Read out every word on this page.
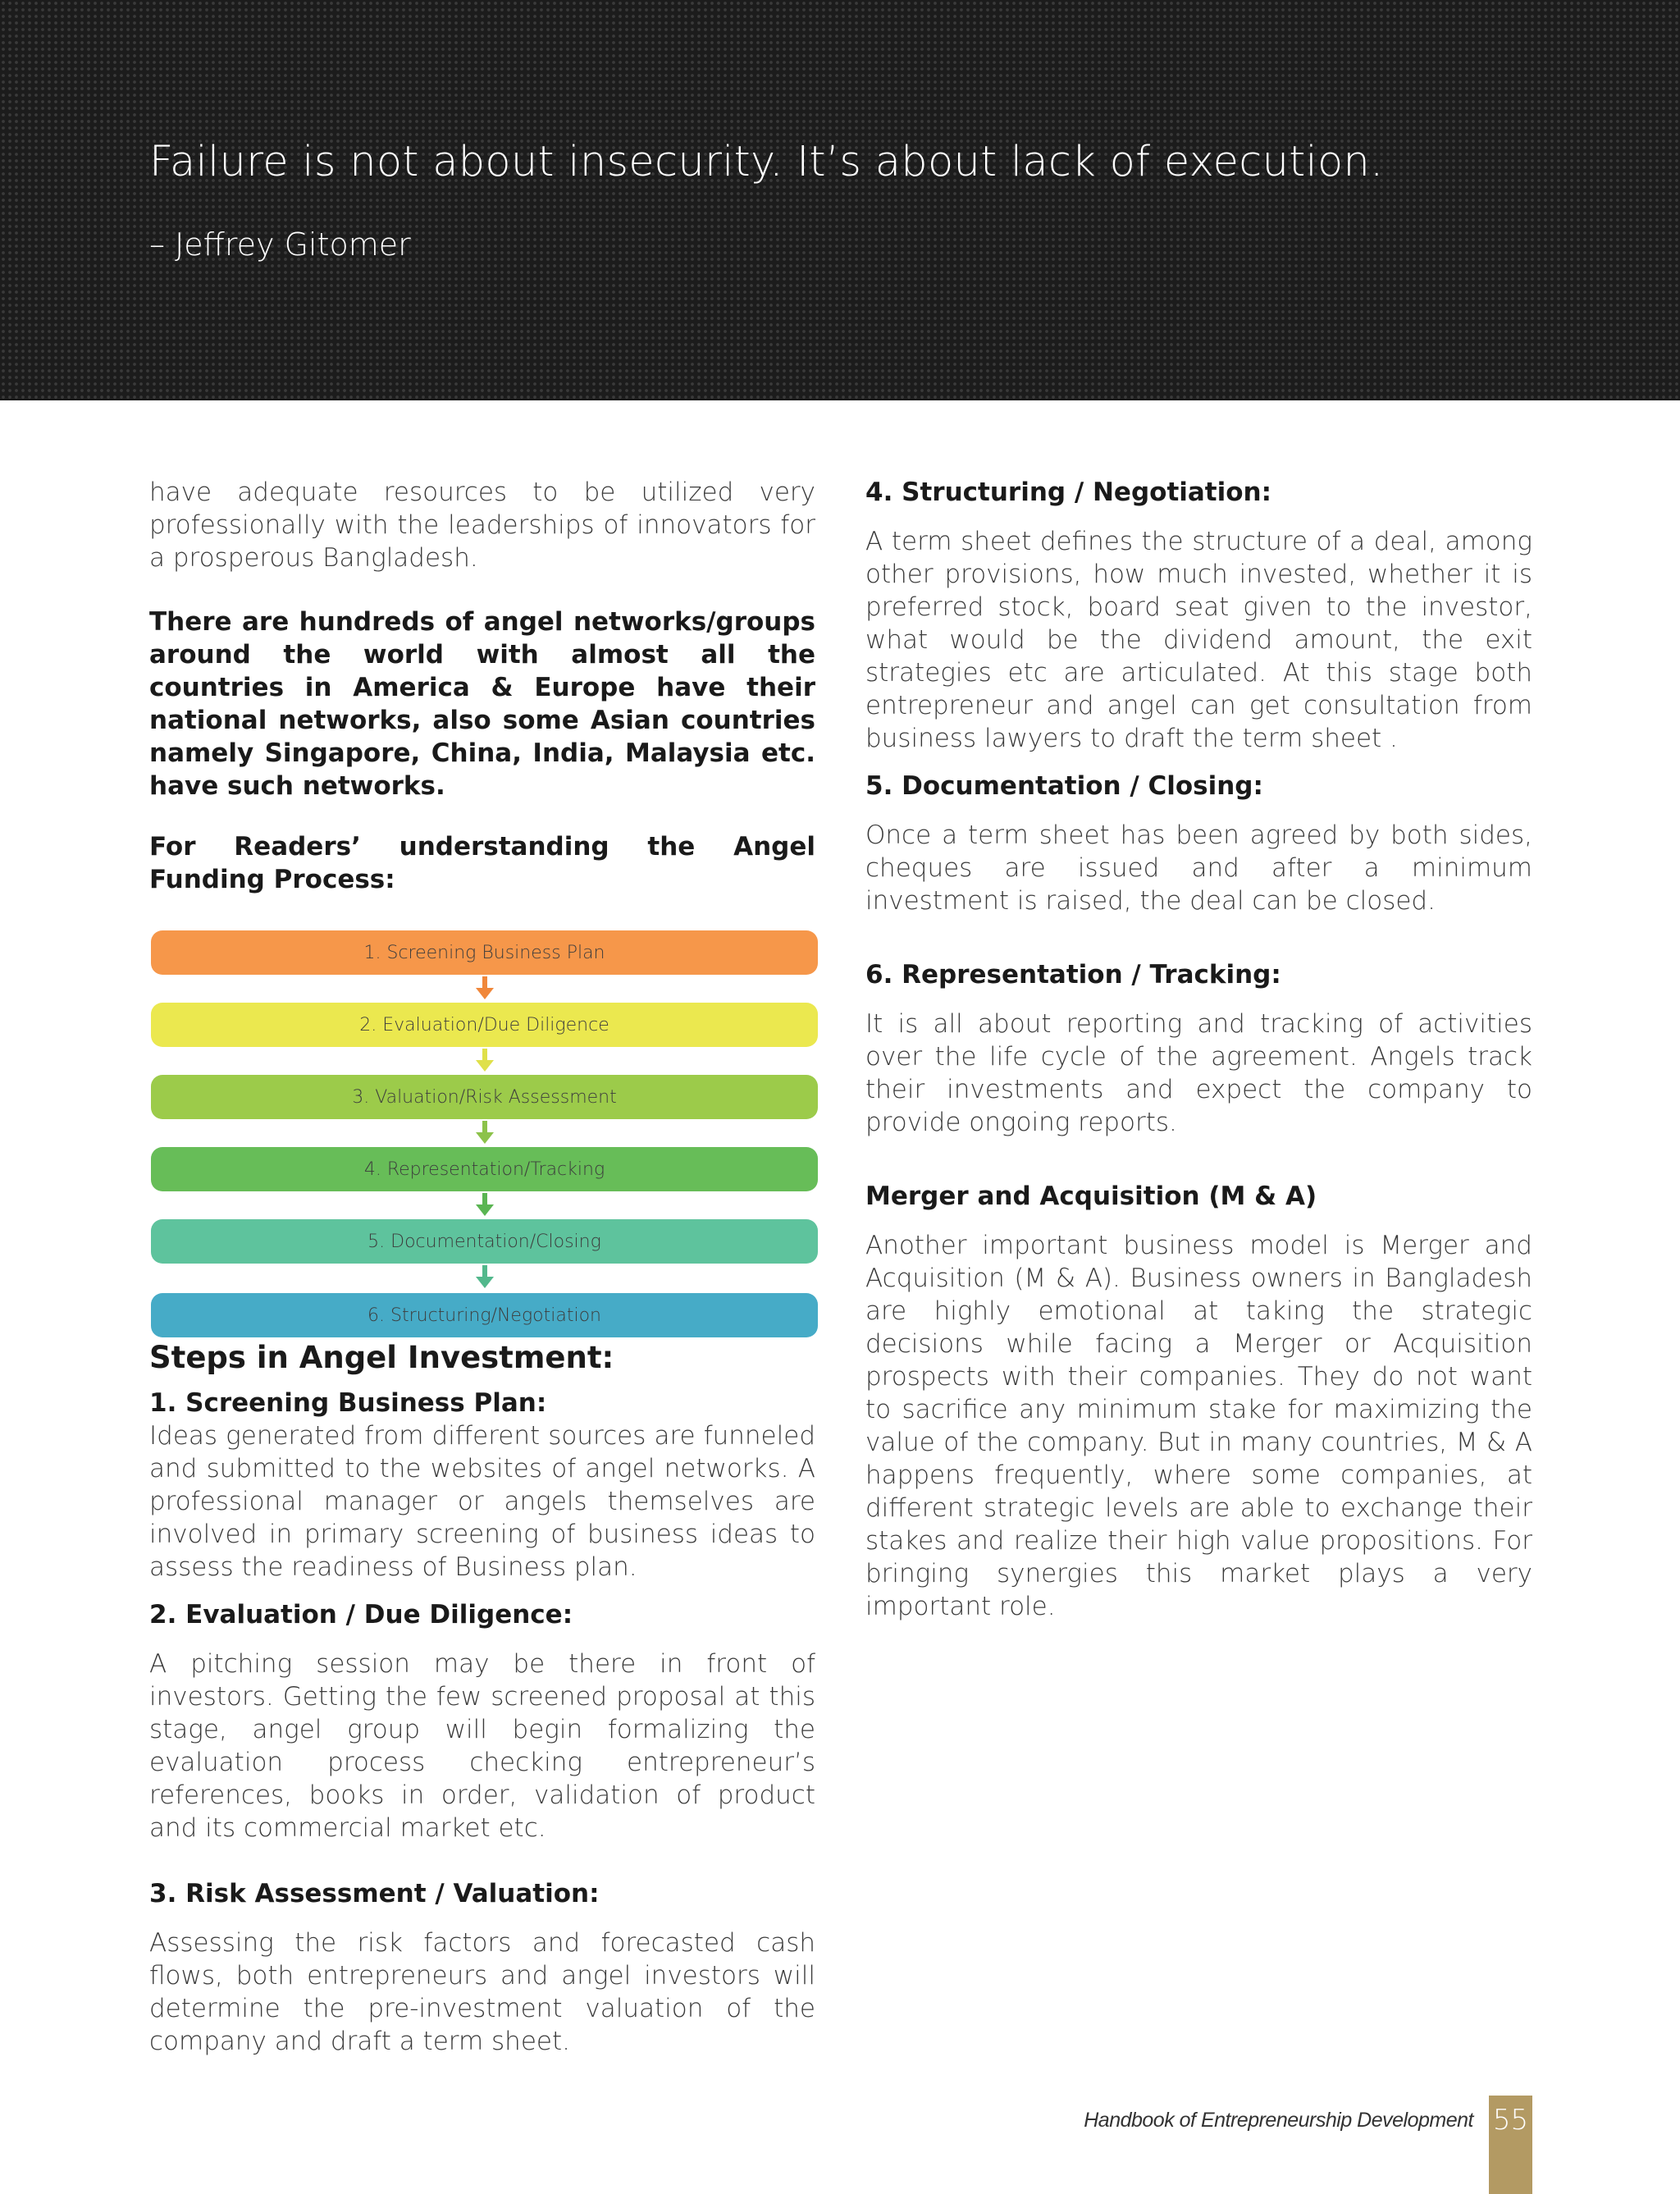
Failure is not about insecurity. It’s about lack of execution.

– Jeffrey Gitomer

have adequate resources to be utilized very professionally with the leaderships of innovators for a prosperous Bangladesh.

There are hundreds of angel networks/groups around the world with almost all the countries in America & Europe have their national networks, also some Asian countries namely Singapore, China, India, Malaysia etc. have such networks.

For Readers’ understanding the Angel Funding Process:

1. Screening Business Plan
2. Evaluation/Due Diligence
3. Valuation/Risk Assessment
4. Representation/Tracking
5. Documentation/Closing
6. Structuring/Negotiation
Steps in Angel Investment:
1. Screening Business Plan:

Ideas generated from different sources are funneled and submitted to the websites of angel networks. A professional manager or angels themselves are involved in primary screening of business ideas to assess the readiness of Business plan.

2. Evaluation / Due Diligence:

A pitching session may be there in front of investors. Getting the few screened proposal at this stage, angel group will begin formalizing the evaluation process checking entrepreneur’s references, books in order, validation of product and its commercial market etc.

3. Risk Assessment / Valuation:

Assessing the risk factors and forecasted cash flows, both entrepreneurs and angel investors will determine the pre-investment valuation of the company and draft a term sheet.

4. Structuring / Negotiation:

A term sheet defines the structure of a deal, among other provisions, how much invested, whether it is preferred stock, board seat given to the investor, what would be the dividend amount, the exit strategies etc are articulated. At this stage both entrepreneur and angel can get consultation from business lawyers to draft the term sheet .

5. Documentation / Closing:

Once a term sheet has been agreed by both sides, cheques are issued and after a minimum investment is raised, the deal can be closed.

6. Representation / Tracking:

It is all about reporting and tracking of activities over the life cycle of the agreement. Angels track their investments and expect the company to provide ongoing reports.

Merger and Acquisition (M & A)

Another important business model is Merger and Acquisition (M & A). Business owners in Bangladesh are highly emotional at taking the strategic decisions while facing a Merger or Acquisition prospects with their companies. They do not want to sacrifice any minimum stake for maximizing the value of the company. But in many countries, M & A happens frequently, where some companies, at different strategic levels are able to exchange their stakes and realize their high value propositions. For bringing synergies this market plays a very important role.

Handbook of Entrepreneurship Development 55
